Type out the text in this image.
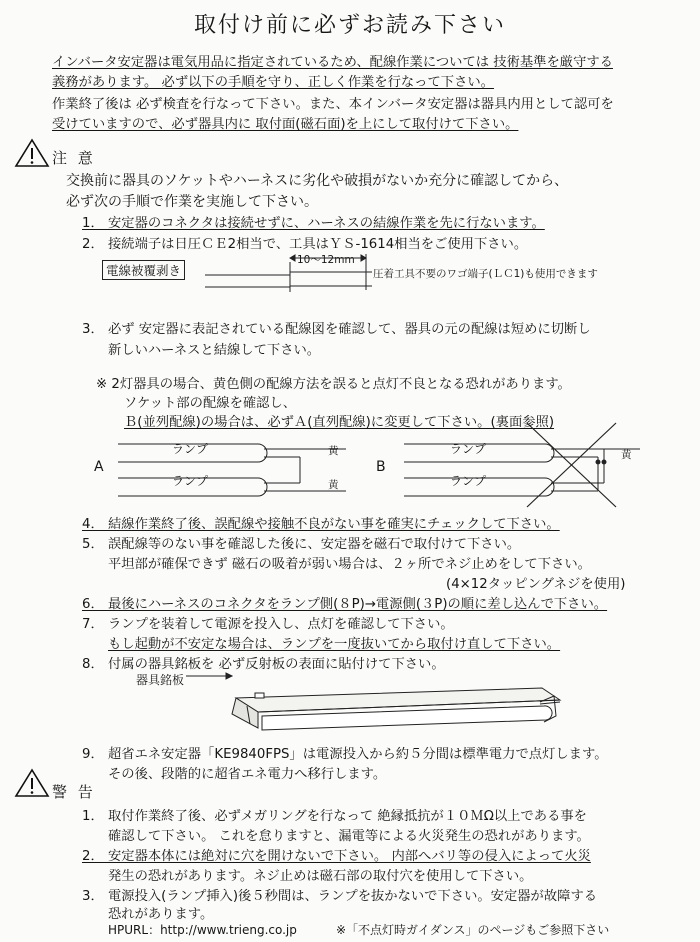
取付け前に必ずお読み下さい
インバータ安定器は電気用品に指定されているため、配線作業については 技術基準を厳守する
義務があります。 必ず以下の手順を守り、正しく作業を行なって下さい。
作業終了後は 必ず検査を行なって下さい。また、本インバータ安定器は器具内用として認可を
受けていますので、必ず器具内に 取付面(磁石面)を上にして取付けて下さい。
注 意
交換前に器具のソケットやハーネスに劣化や破損がないか充分に確認してから、
必ず次の手順で作業を実施して下さい。
1． 安定器のコネクタは接続せずに、ハーネスの結線作業を先に行ないます。
2． 接続端子は日圧ＣＥ2相当で、工具はＹＳ-1614相当をご使用下さい。
電線被覆剥き
10～12mm
圧着工具不要のワゴ端子(ＬＣ1)も使用できます
3． 必ず 安定器に表記されている配線図を確認して、器具の元の配線は短めに切断し
新しいハーネスと結線して下さい。
※ 2灯器具の場合、黄色側の配線方法を誤ると点灯不良となる恐れがあります。
ソケット部の配線を確認し、
Ｂ(並列配線)の場合は、必ずＡ(直列配線)に変更して下さい。(裏面参照)
A	B
ランプ
ランプ
ランプ
ランプ
黄
黄
黄
4． 結線作業終了後、誤配線や接触不良がない事を確実にチェックして下さい。
5． 誤配線等のない事を確認した後に、安定器を磁石で取付けて下さい。
平坦部が確保できず 磁石の吸着が弱い場合は、２ヶ所でネジ止めをして下さい。
(4×12タッピングネジを使用)
6． 最後にハーネスのコネクタをランプ側(８P)→電源側(３P)の順に差し込んで下さい。
7． ランプを装着して電源を投入し、点灯を確認して下さい。
もし起動が不安定な場合は、ランプを一度抜いてから取付け直して下さい。
8． 付属の器具銘板を 必ず反射板の表面に貼付けて下さい。
器具銘板
9． 超省エネ安定器「KE9840FPS」は電源投入から約５分間は標準電力で点灯します。
その後、段階的に超省エネ電力へ移行します。
警 告
1． 取付作業終了後、必ずメガリングを行なって 絶縁抵抗が１０ＭΩ以上である事を
確認して下さい。 これを怠りますと、漏電等による火災発生の恐れがあります。
2． 安定器本体には絶対に穴を開けないで下さい。 内部へバリ等の侵入によって火災
発生の恐れがあります。ネジ止めは磁石部の取付穴を使用して下さい。
3． 電源投入(ランプ挿入)後５秒間は、ランプを抜かないで下さい。安定器が故障する
恐れがあります。
HPURL：http://www.trieng.co.jp	※「不点灯時ガイダンス」のページもご参照下さい
